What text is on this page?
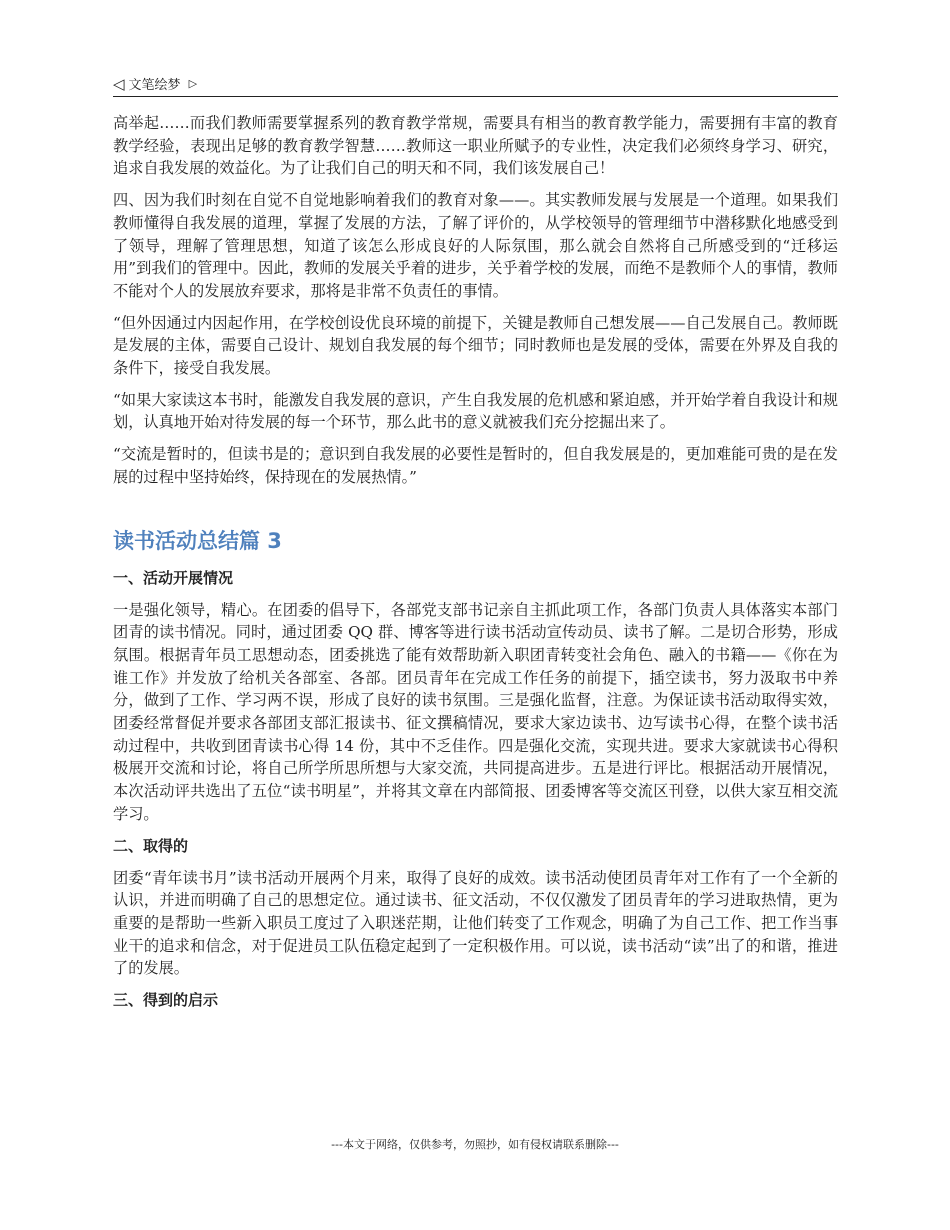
◁ 文笔绘梦 ▷

高举起……而我们教师需要掌握系列的教育教学常规，需要具有相当的教育教学能力，需要拥有丰富的教育教学经验，表现出足够的教育教学智慧……教师这一职业所赋予的专业性，决定我们必须终身学习、研究，追求自我发展的效益化。为了让我们自己的明天和不同，我们该发展自己！

四、因为我们时刻在自觉不自觉地影响着我们的教育对象——。其实教师发展与发展是一个道理。如果我们教师懂得自我发展的道理，掌握了发展的方法，了解了评价的，从学校领导的管理细节中潜移默化地感受到了领导，理解了管理思想，知道了该怎么形成良好的人际氛围，那么就会自然将自己所感受到的“迁移运用”到我们的管理中。因此，教师的发展关乎着的进步，关乎着学校的发展，而绝不是教师个人的事情，教师不能对个人的发展放弃要求，那将是非常不负责任的事情。

“但外因通过内因起作用，在学校创设优良环境的前提下，关键是教师自己想发展——自己发展自己。教师既是发展的主体，需要自己设计、规划自我发展的每个细节；同时教师也是发展的受体，需要在外界及自我的条件下，接受自我发展。

“如果大家读这本书时，能激发自我发展的意识，产生自我发展的危机感和紧迫感，并开始学着自我设计和规划，认真地开始对待发展的每一个环节，那么此书的意义就被我们充分挖掘出来了。

“交流是暂时的，但读书是的；意识到自我发展的必要性是暂时的，但自我发展是的，更加难能可贵的是在发展的过程中坚持始终，保持现在的发展热情。”

读书活动总结篇 3
一、活动开展情况

一是强化领导，精心。在团委的倡导下，各部党支部书记亲自主抓此项工作，各部门负责人具体落实本部门团青的读书情况。同时，通过团委 QQ 群、博客等进行读书活动宣传动员、读书了解。二是切合形势，形成氛围。根据青年员工思想动态，团委挑选了能有效帮助新入职团青转变社会角色、融入的书籍——《你在为谁工作》并发放了给机关各部室、各部。团员青年在完成工作任务的前提下，插空读书，努力汲取书中养分，做到了工作、学习两不误，形成了良好的读书氛围。三是强化监督，注意。为保证读书活动取得实效，团委经常督促并要求各部团支部汇报读书、征文撰稿情况，要求大家边读书、边写读书心得，在整个读书活动过程中，共收到团青读书心得 14 份，其中不乏佳作。四是强化交流，实现共进。要求大家就读书心得积极展开交流和讨论，将自己所学所思所想与大家交流，共同提高进步。五是进行评比。根据活动开展情况，本次活动评共选出了五位“读书明星”，并将其文章在内部简报、团委博客等交流区刊登，以供大家互相交流学习。

二、取得的

团委“青年读书月”读书活动开展两个月来，取得了良好的成效。读书活动使团员青年对工作有了一个全新的认识，并进而明确了自己的思想定位。通过读书、征文活动，不仅仅激发了团员青年的学习进取热情，更为重要的是帮助一些新入职员工度过了入职迷茫期，让他们转变了工作观念，明确了为自己工作、把工作当事业干的追求和信念，对于促进员工队伍稳定起到了一定积极作用。可以说，读书活动“读”出了的和谐，推进了的发展。

三、得到的启示
---本文于网络，仅供参考，勿照抄，如有侵权请联系删除---
